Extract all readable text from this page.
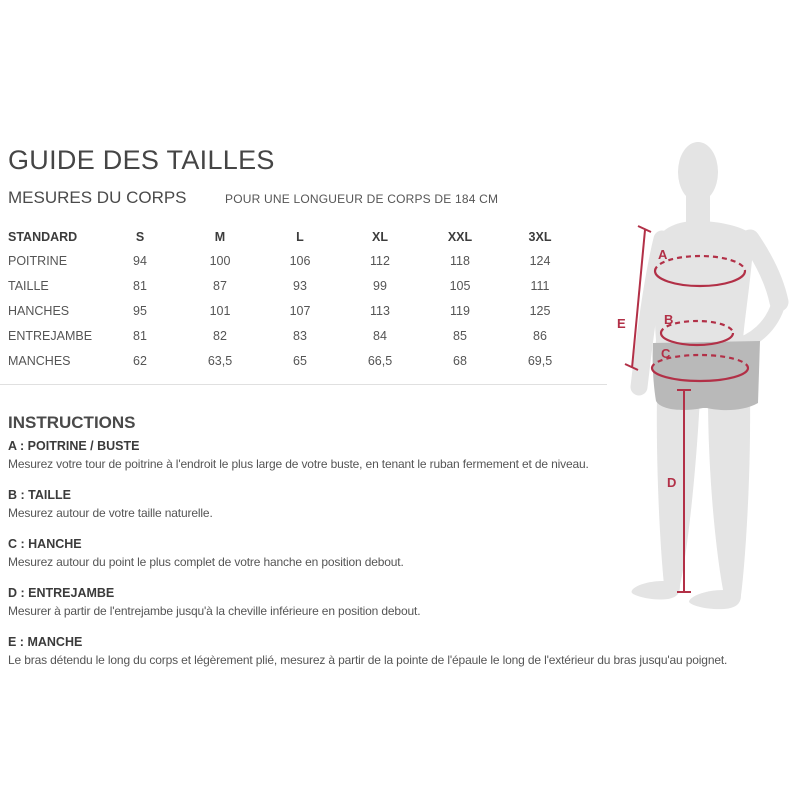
GUIDE DES TAILLES
MESURES DU CORPS	POUR UNE LONGUEUR DE CORPS DE 184 CM
STANDARD	S	M	L	XL	XXL	3XL
POITRINE	94	100	106	112	118	124
TAILLE	81	87	93	99	105	111
HANCHES	95	101	107	113	119	125
ENTREJAMBE	81	82	83	84	85	86
MANCHES	62	63,5	65	66,5	68	69,5
INSTRUCTIONS
A : POITRINE / BUSTE
Mesurez votre tour de poitrine à l'endroit le plus large de votre buste, en tenant le ruban fermement et de niveau.
B : TAILLE
Mesurez autour de votre taille naturelle.
C : HANCHE
Mesurez autour du point le plus complet de votre hanche en position debout.
D : ENTREJAMBE
Mesurer à partir de l'entrejambe jusqu'à la cheville inférieure en position debout.
E : MANCHE
Le bras détendu le long du corps et légèrement plié, mesurez à partir de la pointe de l'épaule le long de l'extérieur du bras jusqu'au poignet.
E
A
B
C
D
